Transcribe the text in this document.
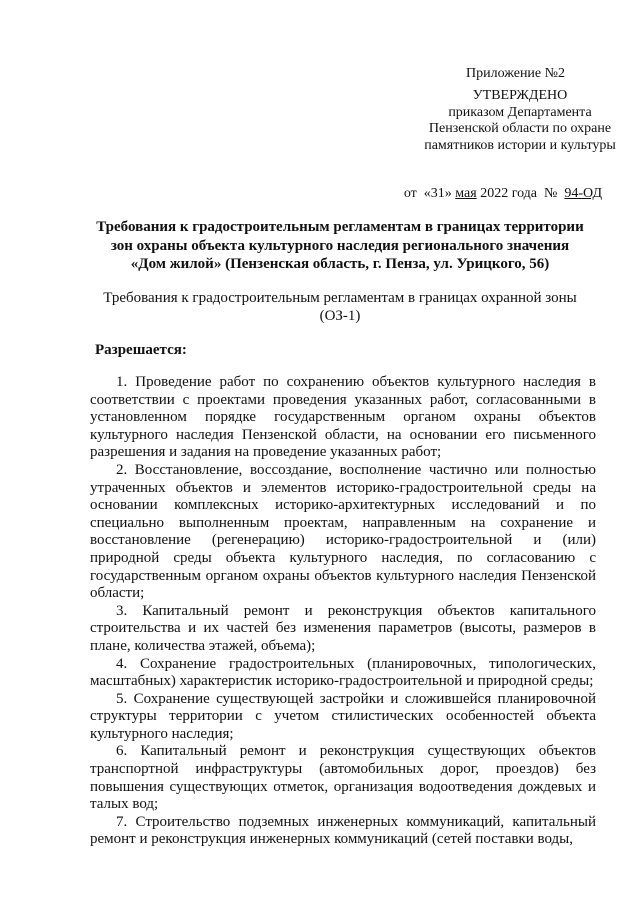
Приложение №2
УТВЕРЖДЕНО
приказом Департамента Пензенской области по охране памятников истории и культуры
от «31» мая 2022 года № 94-ОД
Требования к градостроительным регламентам в границах территории
зон охраны объекта культурного наследия регионального значения
«Дом жилой» (Пензенская область, г. Пенза, ул. Урицкого, 56)
Требования к градостроительным регламентам в границах охранной зоны
(ОЗ-1)
Разрешается:

1. Проведение работ по сохранению объектов культурного наследия в соответствии с проектами проведения указанных работ, согласованными в установленном порядке государственным органом охраны объектов культурного наследия Пензенской области, на основании его письменного разрешения и задания на проведение указанных работ;

2. Восстановление, воссоздание, восполнение частично или полностью утраченных объектов и элементов историко-градостроительной среды на основании комплексных историко-архитектурных исследований и по специально выполненным проектам, направленным на сохранение и восстановление (регенерацию) историко-градостроительной и (или) природной среды объекта культурного наследия, по согласованию с государственным органом охраны объектов культурного наследия Пензенской области;

3. Капитальный ремонт и реконструкция объектов капитального строительства и их частей без изменения параметров (высоты, размеров в плане, количества этажей, объема);

4. Сохранение градостроительных (планировочных, типологических, масштабных) характеристик историко-градостроительной и природной среды;

5. Сохранение существующей застройки и сложившейся планировочной структуры территории с учетом стилистических особенностей объекта культурного наследия;

6. Капитальный ремонт и реконструкция существующих объектов транспортной инфраструктуры (автомобильных дорог, проездов) без повышения существующих отметок, организация водоотведения дождевых и талых вод;

7. Строительство подземных инженерных коммуникаций, капитальный ремонт и реконструкция инженерных коммуникаций (сетей поставки воды,
